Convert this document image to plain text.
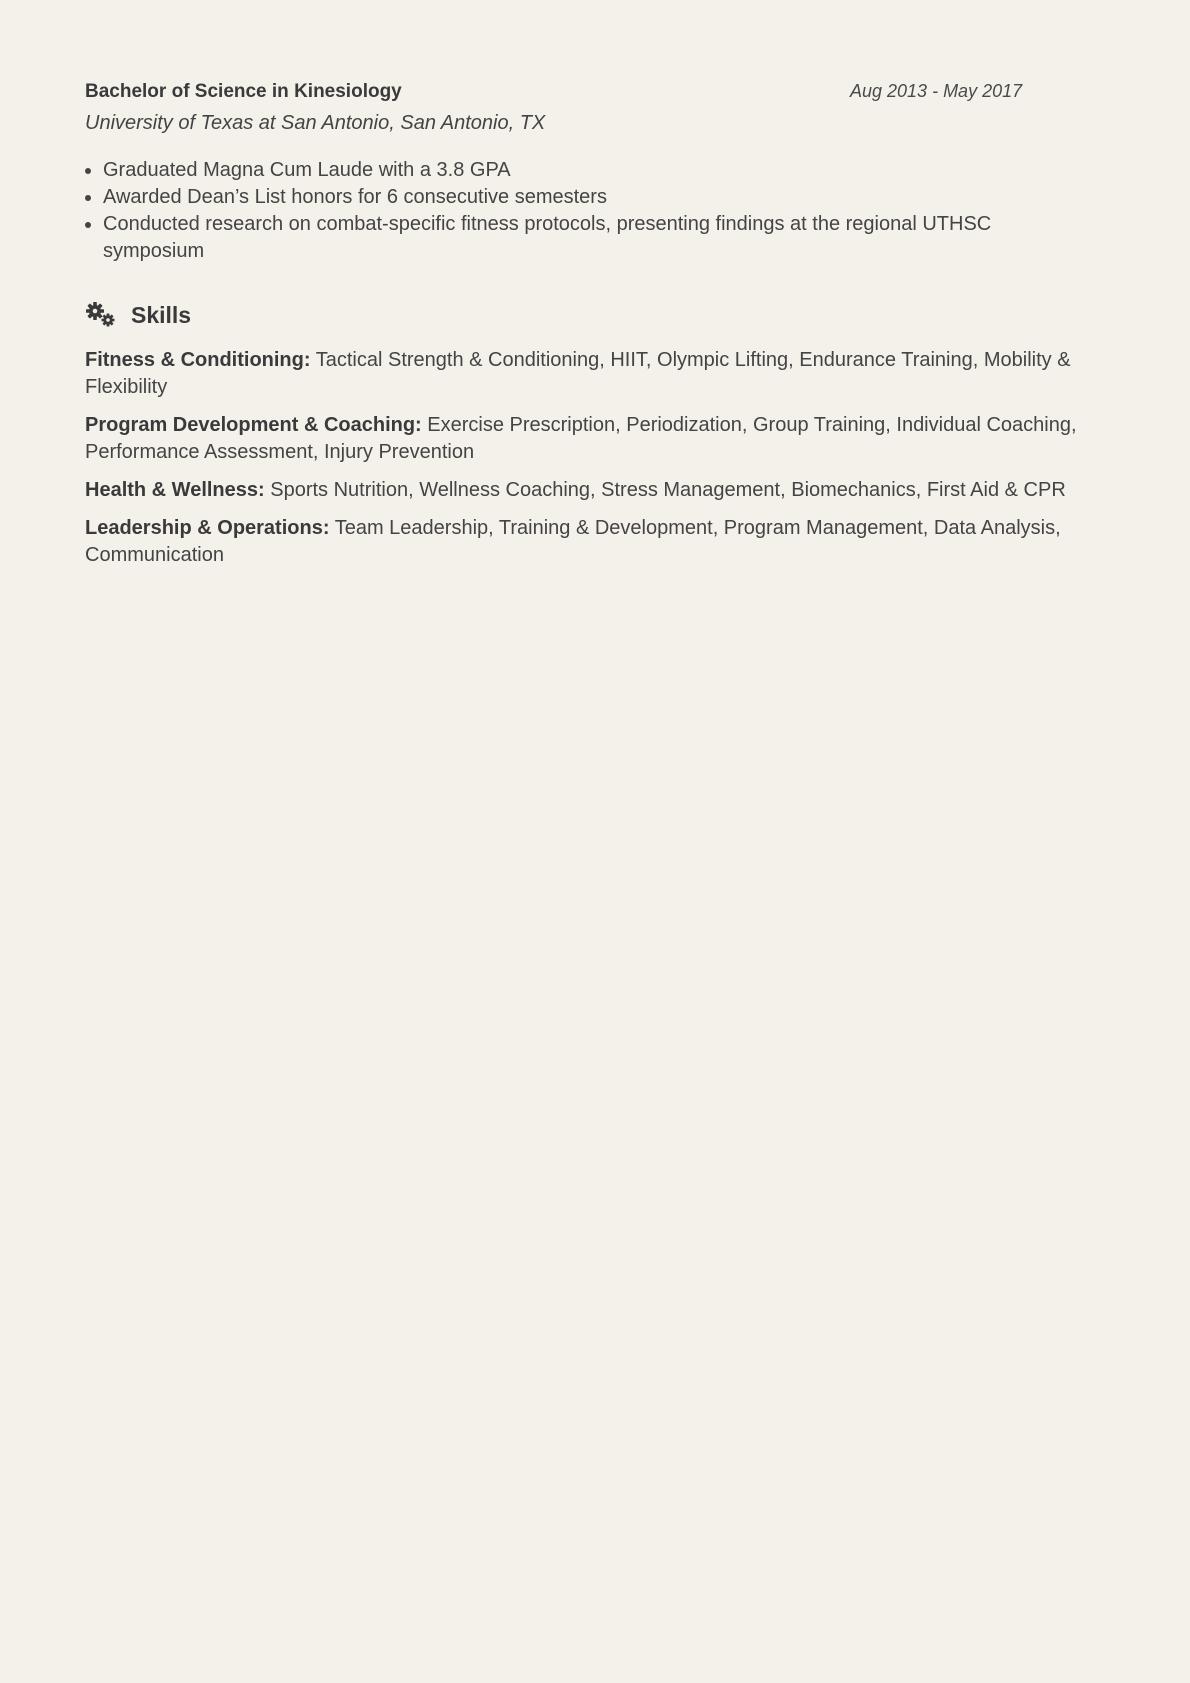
Bachelor of Science in Kinesiology	Aug 2013 - May 2017
University of Texas at San Antonio, San Antonio, TX
• Graduated Magna Cum Laude with a 3.8 GPA
• Awarded Dean’s List honors for 6 consecutive semesters
• Conducted research on combat-specific fitness protocols, presenting findings at the regional UTHSC symposium
Skills
Fitness & Conditioning: Tactical Strength & Conditioning, HIIT, Olympic Lifting, Endurance Training, Mobility & Flexibility
Program Development & Coaching: Exercise Prescription, Periodization, Group Training, Individual Coaching, Performance Assessment, Injury Prevention
Health & Wellness: Sports Nutrition, Wellness Coaching, Stress Management, Biomechanics, First Aid & CPR
Leadership & Operations: Team Leadership, Training & Development, Program Management, Data Analysis, Communication
